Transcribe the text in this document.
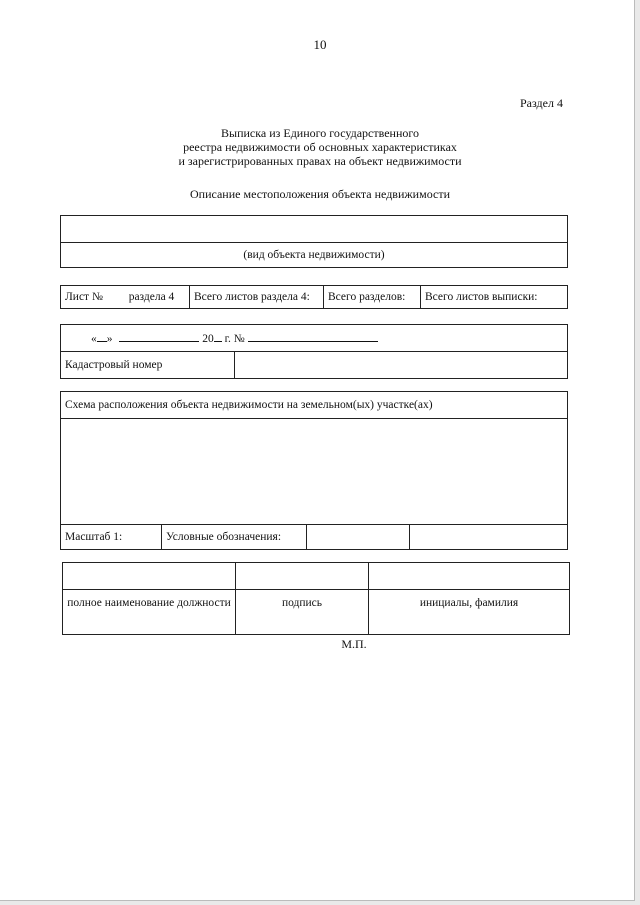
10
Раздел 4
Выписка из Единого государственного
реестра недвижимости об основных характеристиках
и зарегистрированных правах на объект недвижимости
Описание местоположения объекта недвижимости

(вид объекта недвижимости)
Лист № раздела 4	Всего листов раздела 4:	Всего разделов:	Всего листов выписки:
« »	20 г. №
Кадастровый номер	
Схема расположения объекта недвижимости на земельном(ых) участке(ах)

Масштаб 1:	Условные обозначения:		

полное наименование должности	подпись	инициалы, фамилия
М.П.
